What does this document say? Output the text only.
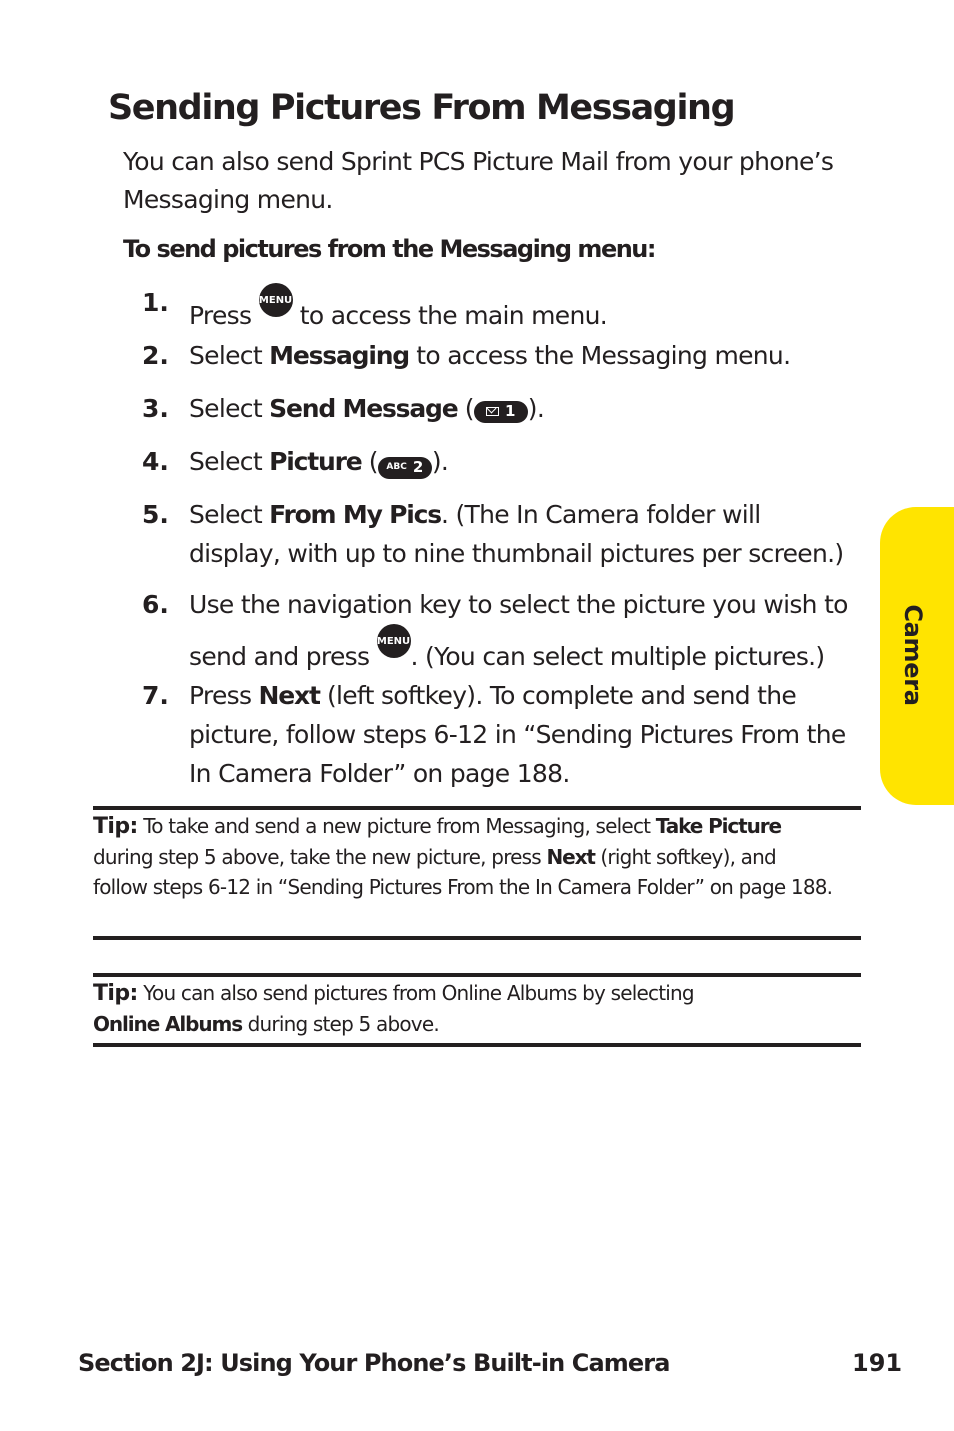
Sending Pictures From Messaging

You can also send Sprint PCS Picture Mail from your phone’s Messaging menu.

To send pictures from the Messaging menu:

1. Press
MENU

OK to access the main menu.
2. Select Messaging to access the Messaging menu.
3. Select Send Message ( 1 ).
4. Select Picture ( ABC 2 ).
5. Select From My Pics. (The In Camera folder will display, with up to nine thumbnail pictures per screen.)
6. Use the navigation key to select the picture you wish to send and press
MENU

OK . (You can select multiple pictures.)
7. Press Next (left softkey). To complete and send the picture, follow steps 6-12 in “Sending Pictures From the In Camera Folder” on page 188.

Tip: To take and send a new picture from Messaging, select Take Picture during step 5 above, take the new picture, press Next (right softkey), and follow steps 6-12 in “Sending Pictures From the In Camera Folder” on page 188.

Tip: You can also send pictures from Online Albums by selecting
Online Albums during step 5 above.

Camera
Section 2J: Using Your Phone’s Built-in Camera	191
